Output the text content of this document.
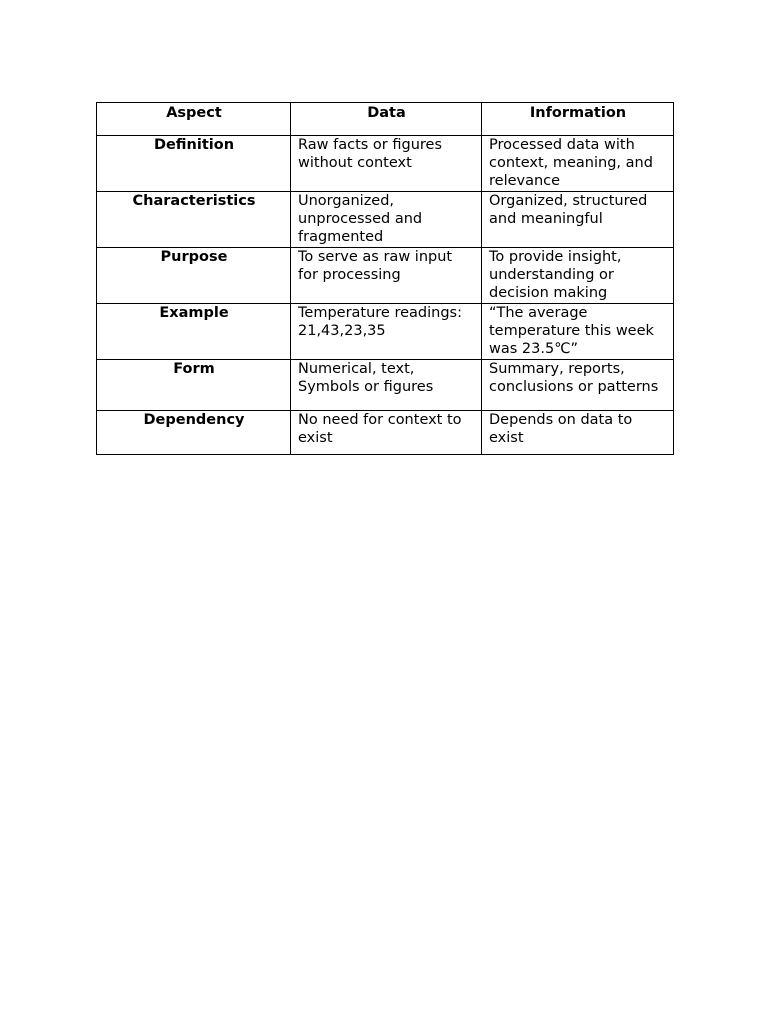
Aspect	Data	Information
Definition	Raw facts or figures without context	Processed data with context, meaning, and relevance
Characteristics	Unorganized, unprocessed and fragmented	Organized, structured and meaningful
Purpose	To serve as raw input for processing	To provide insight, understanding or decision making
Example	Temperature readings: 21,43,23,35	“The average temperature this week was 23.5℃”
Form	Numerical, text, Symbols or figures	Summary, reports, conclusions or patterns
Dependency	No need for context to exist	Depends on data to exist
